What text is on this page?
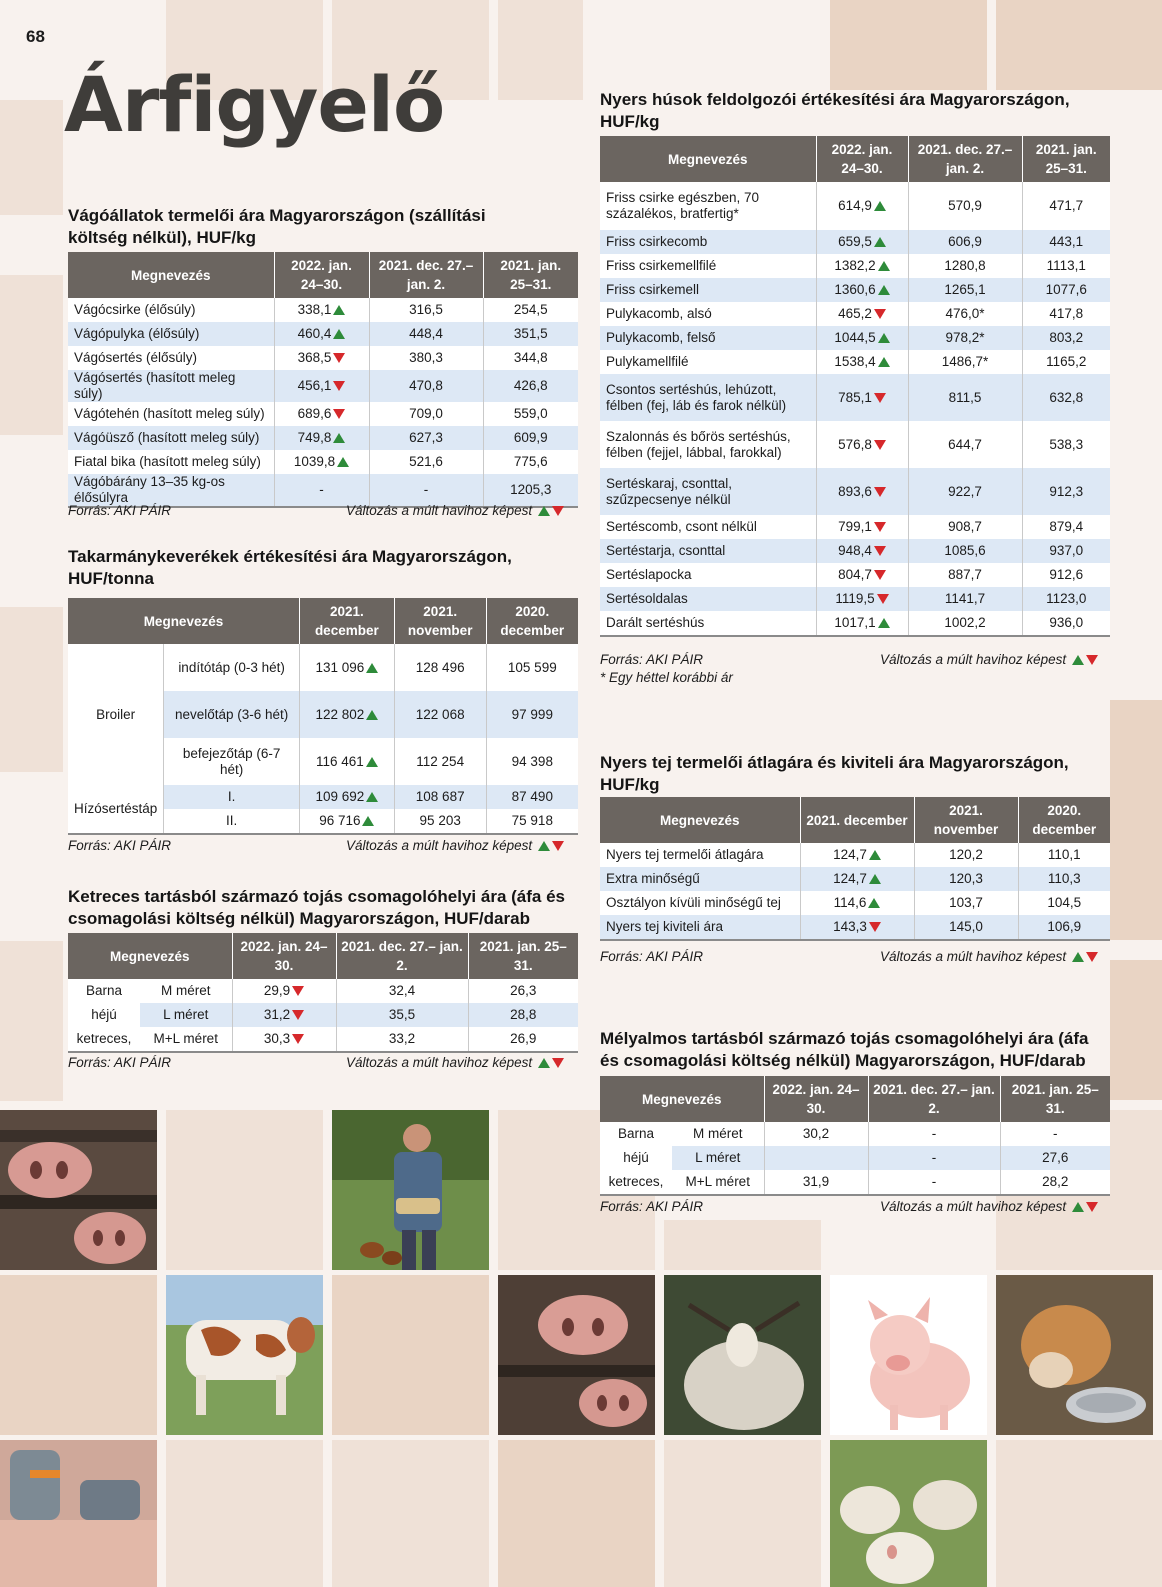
68
Árfigyelő
Vágóállatok termelői ára Magyarországon (szállítási költség nélkül), HUF/kg
Megnevezés	2022. jan. 24–30.	2021. dec. 27.– jan. 2.	2021. jan. 25–31.
Vágócsirke (élősúly)	338,1	316,5	254,5
Vágópulyka (élősúly)	460,4	448,4	351,5
Vágósertés (élősúly)	368,5	380,3	344,8
Vágósertés (hasított meleg súly)	456,1	470,8	426,8
Vágótehén (hasított meleg súly)	689,6	709,0	559,0
Vágóüsző (hasított meleg súly)	749,8	627,3	609,9
Fiatal bika (hasított meleg súly)	1039,8	521,6	775,6
Vágóbárány 13–35 kg-os élősúlyra	-	-	1205,3
Forrás: AKI PÁIR	Változás a múlt havihoz képest
Takarmánykeverékek értékesítési ára Magyarországon, HUF/tonna
Megnevezés		2021. december	2021. november	2020. december
Broiler	indítótáp (0-3 hét)	131 096	128 496	105 599
	nevelőtáp (3-6 hét)	122 802	122 068	97 999
	befejezőtáp (6-7 hét)	116 461	112 254	94 398
Hízósertéstáp	I.	109 692	108 687	87 490
	II.	96 716	95 203	75 918
Forrás: AKI PÁIR	Változás a múlt havihoz képest
Ketreces tartásból származó tojás csomagolóhelyi ára (áfa és csomagolási költség nélkül) Magyarországon, HUF/darab
Megnevezés		2022. jan. 24–30.	2021. dec. 27.– jan. 2.	2021. jan. 25–31.
Barna	M méret	29,9	32,4	26,3
héjú	L méret	31,2	35,5	28,8
ketreces,	M+L méret	30,3	33,2	26,9
Forrás: AKI PÁIR	Változás a múlt havihoz képest
Nyers húsok feldolgozói értékesítési ára Magyarországon, HUF/kg
Megnevezés	2022. jan. 24–30.	2021. dec. 27.– jan. 2.	2021. jan. 25–31.
Friss csirke egészben, 70 százalékos, bratfertig*	614,9	570,9	471,7
Friss csirkecomb	659,5	606,9	443,1
Friss csirkemellfilé	1382,2	1280,8	1113,1
Friss csirkemell	1360,6	1265,1	1077,6
Pulykacomb, alsó	465,2	476,0*	417,8
Pulykacomb, felső	1044,5	978,2*	803,2
Pulykamellfilé	1538,4	1486,7*	1165,2
Csontos sertéshús, lehúzott, félben (fej, láb és farok nélkül)	785,1	811,5	632,8
Szalonnás és bőrös sertéshús, félben (fejjel, lábbal, farokkal)	576,8	644,7	538,3
Sertéskaraj, csonttal, szűzpecsenye nélkül	893,6	922,7	912,3
Sertéscomb, csont nélkül	799,1	908,7	879,4
Sertéstarja, csonttal	948,4	1085,6	937,0
Sertéslapocka	804,7	887,7	912,6
Sertésoldalas	1119,5	1141,7	1123,0
Darált sertéshús	1017,1	1002,2	936,0
Forrás: AKI PÁIR
* Egy héttel korábbi ár
Változás a múlt havihoz képest
Nyers tej termelői átlagára és kiviteli ára Magyarországon, HUF/kg
Megnevezés	2021. december	2021. november	2020. december
Nyers tej termelői átlagára	124,7	120,2	110,1
Extra minőségű	124,7	120,3	110,3
Osztályon kívüli minőségű tej	114,6	103,7	104,5
Nyers tej kiviteli ára	143,3	145,0	106,9
Forrás: AKI PÁIR	Változás a múlt havihoz képest
Mélyalmos tartásból származó tojás csomagolóhelyi ára (áfa és csomagolási költség nélkül) Magyarországon, HUF/darab
Megnevezés		2022. jan. 24–30.	2021. dec. 27.– jan. 2.	2021. jan. 25–31.
Barna	M méret	30,2	-	-
héjú	L méret		-	27,6
ketreces,	M+L méret	31,9	-	28,2
Forrás: AKI PÁIR	Változás a múlt havihoz képest
